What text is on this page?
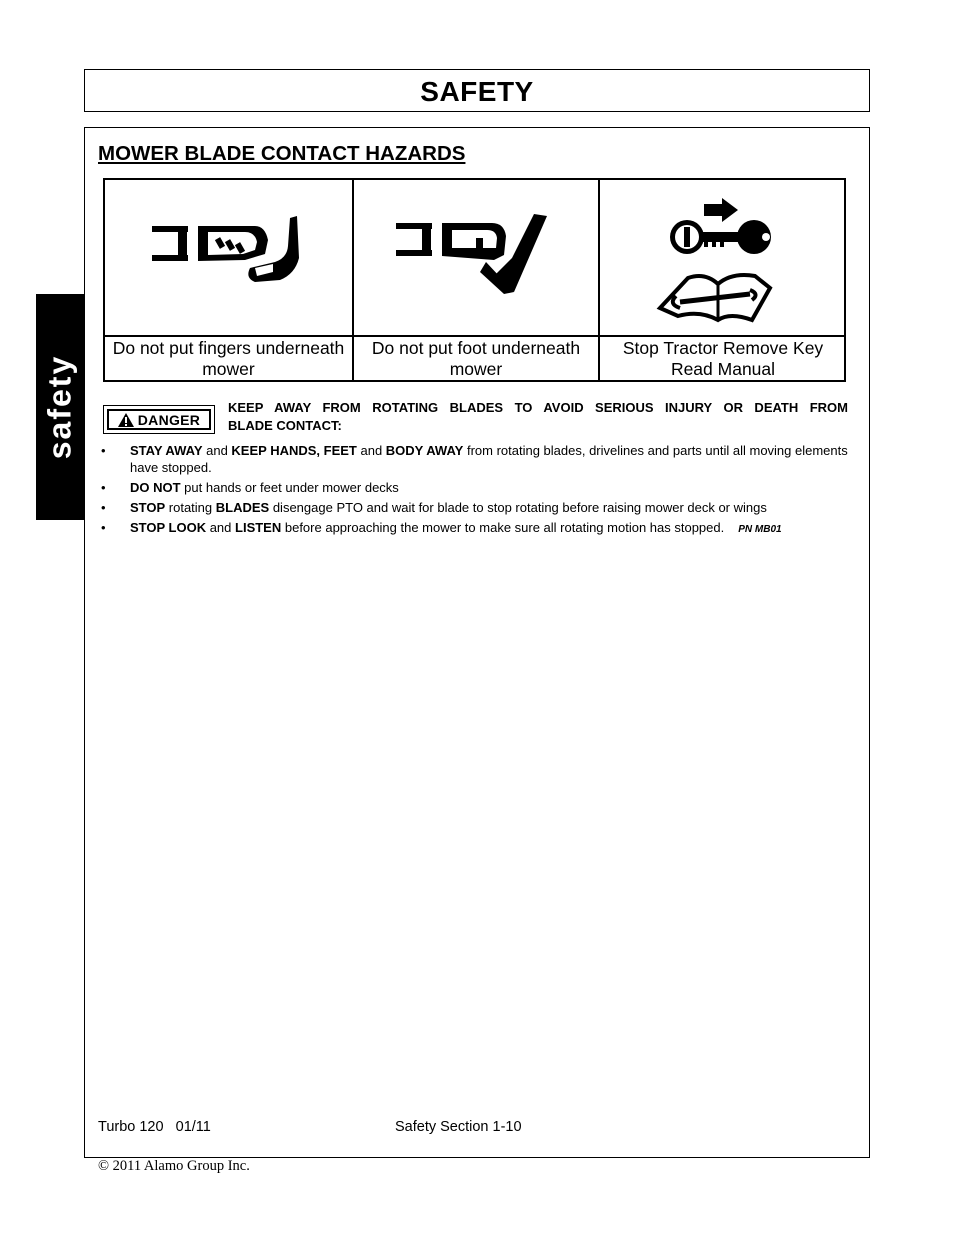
safety
SAFETY
MOWER BLADE CONTACT HAZARDS
Do not put fingers underneath mower
Do not put foot underneath mower
Stop Tractor Remove Key Read Manual
DANGER
KEEP AWAY FROM ROTATING BLADES TO AVOID SERIOUS INJURY OR DEATH FROM
BLADE CONTACT:
• STAY AWAY and KEEP HANDS, FEET and BODY AWAY from rotating blades, drivelines and parts until all moving elements have stopped.
• DO NOT put hands or feet under mower decks
• STOP rotating BLADES disengage PTO and wait for blade to stop rotating before raising mower deck or wings
• STOP LOOK and LISTEN before approaching the mower to make sure all rotating motion has stopped. PN MB01
Turbo 120   01/11	Safety Section 1-10
© 2011 Alamo Group Inc.
